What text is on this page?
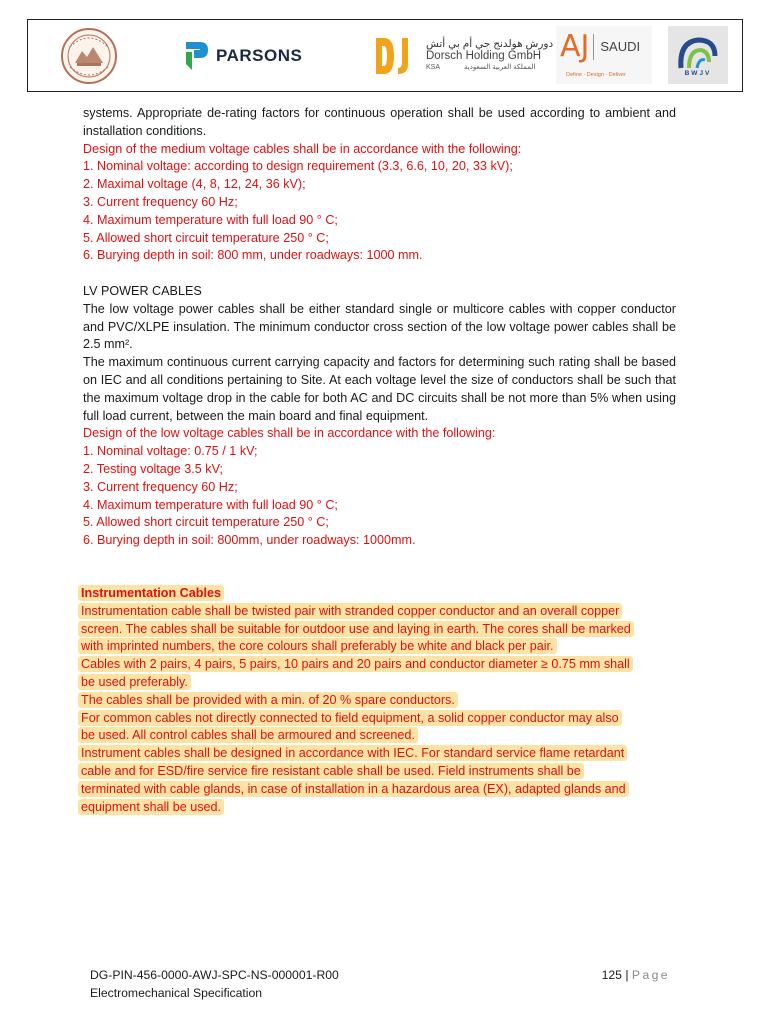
PARSONS
دورش هولدنج جي أم بي أتش
Dorsch Holding GmbH
KSA	المملكة العربية السعودية
AJ SAUDI
Define · Design · Deliver	BWJV

systems. Appropriate de-rating factors for continuous operation shall be used according to ambient and installation conditions.

Design of the medium voltage cables shall be in accordance with the following:

1. Nominal voltage: according to design requirement (3.3, 6.6, 10, 20, 33 kV);

2. Maximal voltage (4, 8, 12, 24, 36 kV);

3. Current frequency 60 Hz;

4. Maximum temperature with full load 90 ° C;

5. Allowed short circuit temperature 250 ° C;

6. Burying depth in soil: 800 mm, under roadways: 1000 mm.

LV POWER CABLES

The low voltage power cables shall be either standard single or multicore cables with copper conductor and PVC/XLPE insulation. The minimum conductor cross section of the low voltage power cables shall be 2.5 mm².

The maximum continuous current carrying capacity and factors for determining such rating shall be based on IEC and all conditions pertaining to Site. At each voltage level the size of conductors shall be such that the maximum voltage drop in the cable for both AC and DC circuits shall be not more than 5% when using full load current, between the main board and final equipment.

Design of the low voltage cables shall be in accordance with the following:

1. Nominal voltage: 0.75 / 1 kV;

2. Testing voltage 3.5 kV;

3. Current frequency 60 Hz;

4. Maximum temperature with full load 90 ° C;

5. Allowed short circuit temperature 250 ° C;

6. Burying depth in soil: 800mm, under roadways: 1000mm.

Instrumentation Cables
Instrumentation cable shall be twisted pair with stranded copper conductor and an overall copper
screen. The cables shall be suitable for outdoor use and laying in earth. The cores shall be marked
with imprinted numbers, the core colours shall preferably be white and black per pair.
Cables with 2 pairs, 4 pairs, 5 pairs, 10 pairs and 20 pairs and conductor diameter ≥ 0.75 mm shall
be used preferably.
The cables shall be provided with a min. of 20 % spare conductors.
For common cables not directly connected to field equipment, a solid copper conductor may also
be used. All control cables shall be armoured and screened.
Instrument cables shall be designed in accordance with IEC. For standard service flame retardant
cable and for ESD/fire service fire resistant cable shall be used. Field instruments shall be
terminated with cable glands, in case of installation in a hazardous area (EX), adapted glands and
equipment shall be used.
DG-PIN-456-0000-AWJ-SPC-NS-000001-R00
Electromechanical Specification
125 | Page
